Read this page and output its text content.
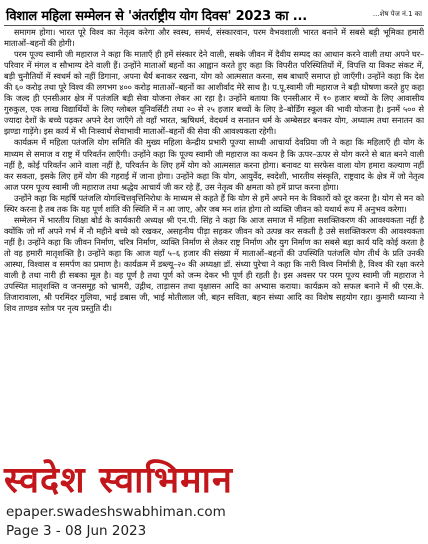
विशाल महिला सम्मेलन से 'अंतर्राष्ट्रीय योग दिवस' 2023 का ...	...शेष पेज नं.1 का

समागम होगा। भारत पूरे विश्व का नेतृत्व करेगा और स्वस्थ, समर्थ, संस्कारवान, परम वैभवशाली भारत बनाने में सबसे बड़ी भूमिका हमारी माताओं–बहनों की होगी।

परम पूज्य स्वामी जी महाराज ने कहा कि माताएँ ही हमें संस्कार देने वाली, सबके जीवन में दैवीय सम्पद का आधान करने वाली तथा अपने घर–परिवार में मंगल व सौभाग्य देने वाली हैं। उन्होंने माताओं बहनों का आह्वान करते हुए कहा कि विपरीत परिस्थितियों में, विपत्ति या विकट संकट में, बड़ी चुनौतियों में स्वधर्म को नहीं डिगाना, अपना धैर्य बनाकर रखना, योग को आत्मसात करना, सब बाधाएँ समाप्त हो जाएँगी। उन्होंने कहा कि देश की ६० करोड़ तथा पूरे विश्व की लगभग ४०० करोड़ माताओं–बहनों का आशीर्वाद मेरे साथ है। प.पू.स्वामी जी महाराज ने बड़ी घोषणा करते हुए कहा कि जल्द ही एनसीआर क्षेत्र में पतंजलि बड़ी सेवा योजना लेकर आ रहा है। उन्होंने बताया कि एनसीआर में १० हजार बच्चों के लिए आवासीय गुरुकुल, एक लाख विद्यार्थियों के लिए ग्लोबल यूनिवर्सिटी तथा २० से २५ हजार बच्चों के लिए डे–बोर्डिंग स्कूल की भावी योजना है। इनमें ५०० से ज्यादा देशों के बच्चे पढ़कर अपने देश जाएँगे तो वहाँ भारत, ऋषिधर्म, वेदधर्म व सनातन धर्म के अम्बेसडर बनकर योग, अध्यात्म तथा सनातन का झण्डा गाड़ेंगे। इस कार्य में भी निःस्वार्थ सेवाभावी माताओं–बहनों की सेवा की आवश्यकता रहेगी।

कार्यक्रम में महिला पतंजलि योग समिति की मुख्य महिला केन्द्रीय प्रभारी पूज्या साध्वी आचार्या देवप्रिया जी ने कहा कि महिलाएँ ही योग के माध्यम से समाज व राष्ट्र में परिवर्तन लाएँगी। उन्होंने कहा कि पूज्य स्वामी जी महाराज का कथन है कि ऊपर–ऊपर से योग करने से बात बनने वाली नहीं है, कोई परिवर्तन आने वाला नहीं है, परिवर्तन के लिए हमें योग को आत्मसात करना होगा। बनावट या सरफेस वाला योग हमारा कल्याण नहीं कर सकता, इसके लिए हमें योग की गहराई में जाना होगा। उन्होंने कहा कि योग, आयुर्वेद, स्वदेशी, भारतीय संस्कृति, राष्ट्रवाद के क्षेत्र में जो नेतृत्व आज परम पूज्य स्वामी जी महाराज तथा श्रद्धेय आचार्य जी कर रहे हैं, उस नेतृत्व की क्षमता को हमें प्राप्त करना होगा।

उन्होंने कहा कि महर्षि पतंजलि योगश्चित्तवृत्तिनिरोधः के माध्यम से कहते हैं कि योग से हमें अपने मन के विकारों को दूर करना है। योग से मन को स्थिर करना है तब तक कि यह पूर्ण शांति की स्थिति में न आ जाए, और जब मन शांत होगा तो व्यक्ति जीवन को यथार्थ रूप में अनुभव करेगा।

सम्मेलन में भारतीय शिक्षा बोर्ड के कार्यकारी अध्यक्ष श्री एन.पी. सिंह ने कहा कि आज समाज में महिला सशक्तिकरण की आवश्यकता नहीं है क्योंकि जो माँ अपने गर्भ में नौ महीने बच्चे को रखकर, असहनीय पीड़ा सहकर जीवन को उत्पन्न कर सकती है उसे सशक्तिकरण की आवश्यकता नहीं है। उन्होंने कहा कि जीवन निर्माण, चरित्र निर्माण, व्यक्ति निर्माण से लेकर राष्ट्र निर्माण और युग निर्माण का सबसे बड़ा कार्य यदि कोई करता है तो वह हमारी मातृशक्ति है। उन्होंने कहा कि आज यहाँ ५–६ हजार की संख्या में माताओं–बहनों की उपस्थिति पतंजलि योग तीर्थ के प्रति उनकी आस्था, विश्वास व समर्पण का प्रमाण है। कार्यक्रम में डब्ल्यू–२० की अध्यक्षा डॉ. संध्या पुरेचा ने कहा कि नारी विश्व निर्मात्री है, विश्व की रक्षा करने वाली है तथा नारी ही सबका मूल है। वह पूर्ण है तथा पूर्ण को जन्म देकर भी पूर्ण ही रहती है। इस अवसर पर परम पूज्य स्वामी जी महाराज ने उपस्थित मातृशक्ति व जनसमूह को भ्रामरी, उद्गीथ, ताड़ासन तथा वृक्षासन आदि का अभ्यास कराया। कार्यक्रम को सफल बनाने में श्री एस.के. तिजारावाला, श्री परमिंदर गुलिया, भाई डबास जी, भाई मोतीलाल जी, बहन सविता, बहन संध्या आदि का विशेष सहयोग रहा। कुमारी ध्यान्या ने शिव ताण्डव स्तोत्र पर नृत्य प्रस्तुति दी।

स्वदेश स्वाभिमान
epaper.swadeshswabhiman.com
Page 3 - 08 Jun 2023
